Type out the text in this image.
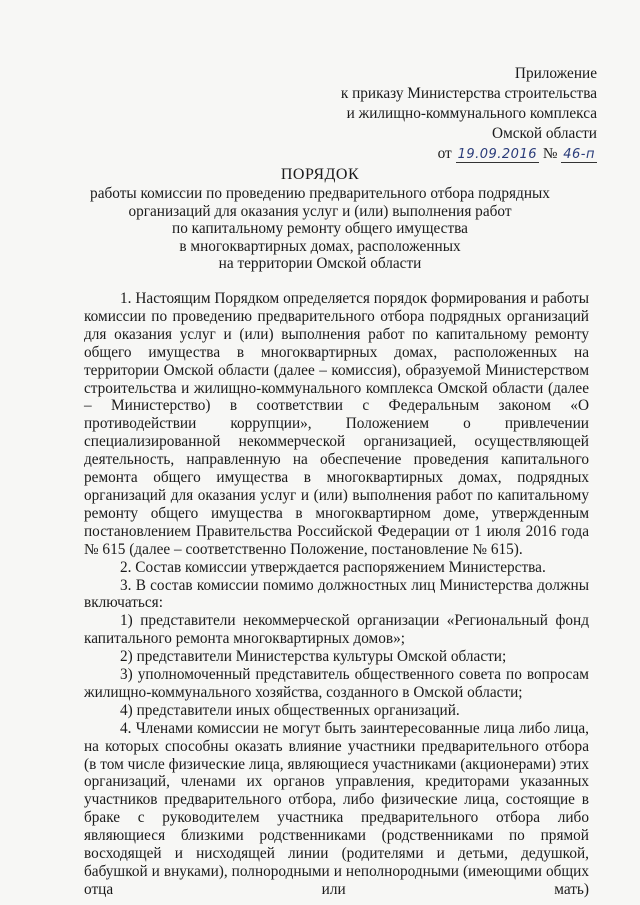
Приложение
к приказу Министерства строительства
и жилищно-коммунального комплекса
Омской области
от 19.09.2016 № 46-п
ПОРЯДОК
работы комиссии по проведению предварительного отбора подрядных
организаций для оказания услуг и (или) выполнения работ
по капитальному ремонту общего имущества
в многоквартирных домах, расположенных
на территории Омской области

1. Настоящим Порядком определяется порядок формирования и работы комиссии по проведению предварительного отбора подрядных организаций для оказания услуг и (или) выполнения работ по капитальному ремонту общего имущества в многоквартирных домах, расположенных на территории Омской области (далее – комиссия), образуемой Министерством строительства и жилищно-коммунального комплекса Омской области (далее – Министерство) в соответствии с Федеральным законом «О противодействии коррупции», Положением о привлечении специализированной некоммерческой организацией, осуществляющей деятельность, направленную на обеспечение проведения капитального ремонта общего имущества в многоквартирных домах, подрядных организаций для оказания услуг и (или) выполнения работ по капитальному ремонту общего имущества в многоквартирном доме, утвержденным постановлением Правительства Российской Федерации от 1 июля 2016 года № 615 (далее – соответственно Положение, постановление № 615).

2. Состав комиссии утверждается распоряжением Министерства.

3. В состав комиссии помимо должностных лиц Министерства должны включаться:

1) представители некоммерческой организации «Региональный фонд капитального ремонта многоквартирных домов»;

2) представители Министерства культуры Омской области;

3) уполномоченный представитель общественного совета по вопросам жилищно-коммунального хозяйства, созданного в Омской области;

4) представители иных общественных организаций.

4. Членами комиссии не могут быть заинтересованные лица либо лица, на которых способны оказать влияние участники предварительного отбора (в том числе физические лица, являющиеся участниками (акционерами) этих организаций, членами их органов управления, кредиторами указанных участников предварительного отбора, либо физические лица, состоящие в браке с руководителем участника предварительного отбора либо являющиеся близкими родственниками (родственниками по прямой восходящей и нисходящей линии (родителями и детьми, дедушкой, бабушкой и внуками), полнородными и неполнородными (имеющими общих отца или мать)
